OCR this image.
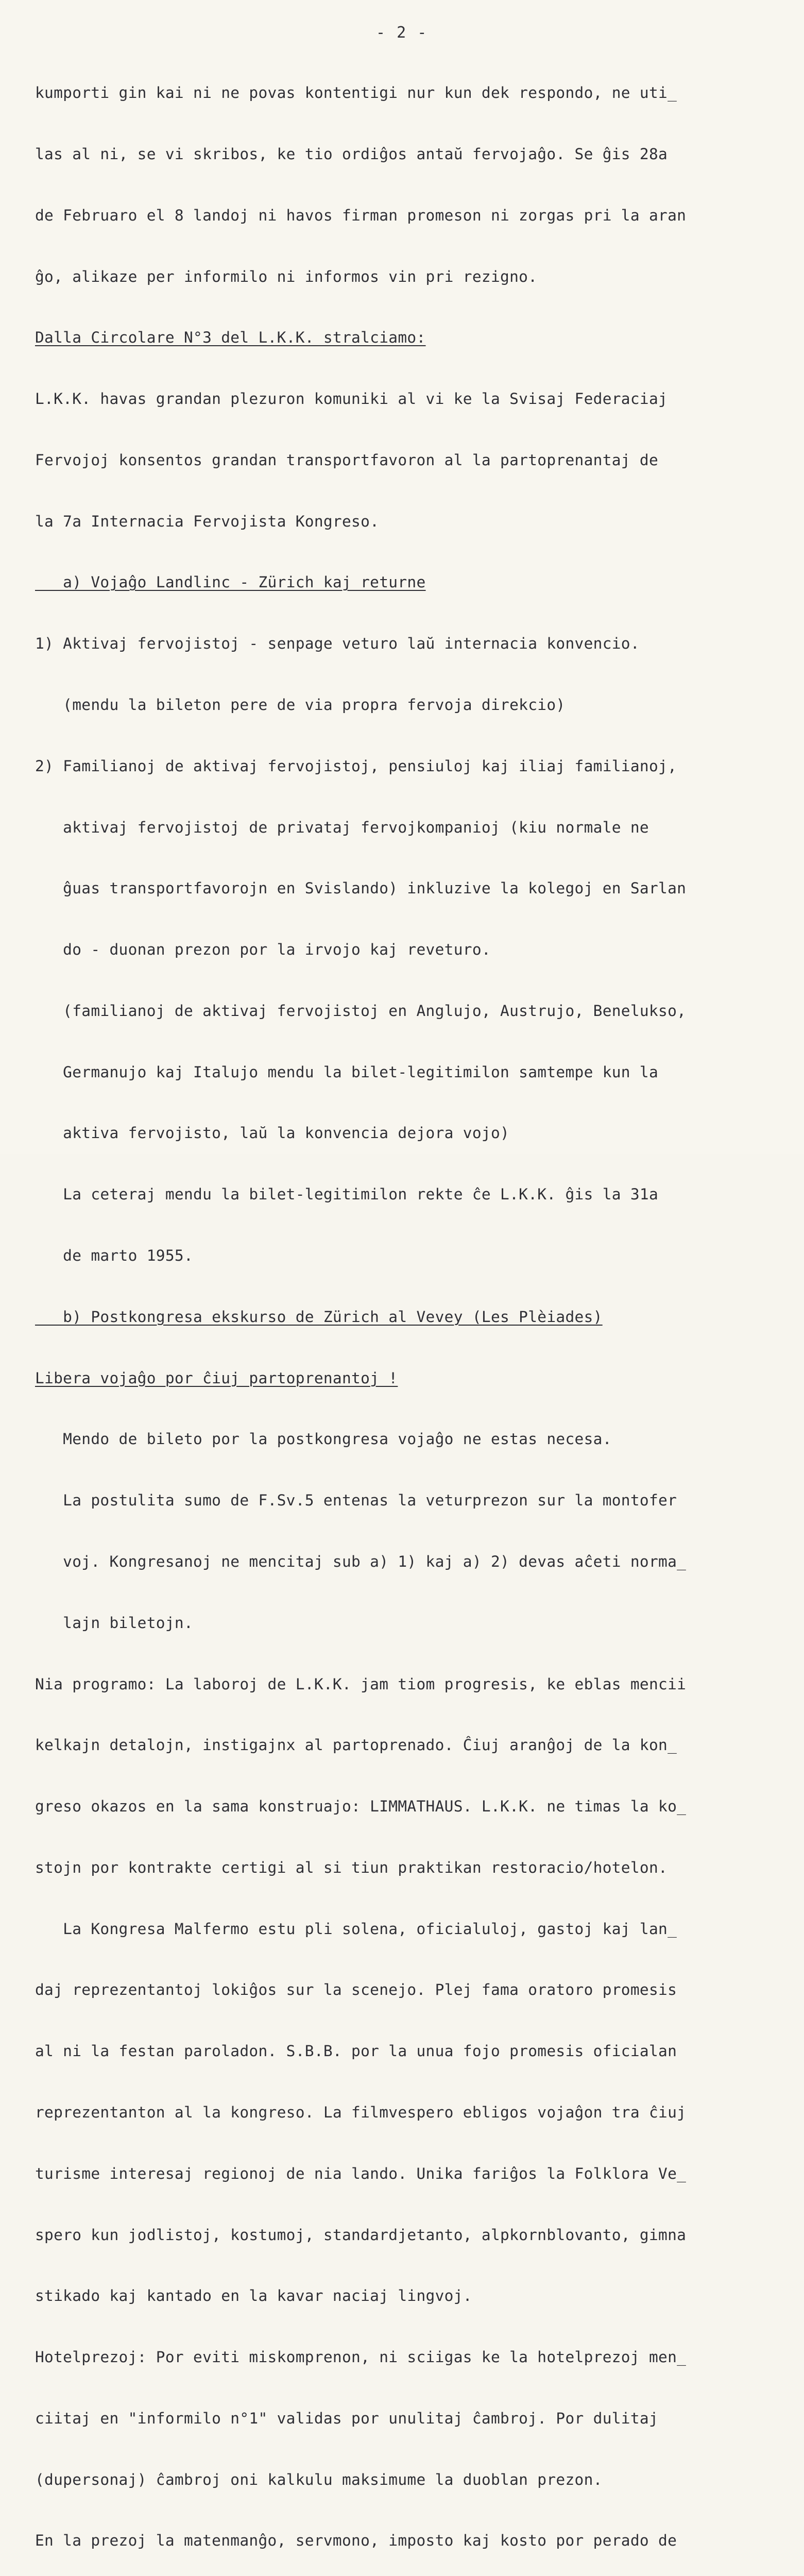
- 2 -

kumporti gin kai ni ne povas kontentigi nur kun dek respondo, ne uti_

las al ni, se vi skribos, ke tio ordiĝos antaŭ fervojaĝo. Se ĝis 28a

de Februaro el 8 landoj ni havos firman promeson ni zorgas pri la aran

ĝo, alikaze per informilo ni informos vin pri rezigno.

Dalla Circolare N°3 del L.K.K. stralciamo:

L.K.K. havas grandan plezuron komuniki al vi ke la Svisaj Federaciaj

Fervojoj konsentos grandan transportfavoron al la partoprenantaj de

la 7a Internacia Fervojista Kongreso.

a) Vojaĝo Landlinc - Zürich kaj returne

1) Aktivaj fervojistoj - senpage veturo laŭ internacia konvencio.

(mendu la bileton pere de via propra fervoja direkcio)

2) Familianoj de aktivaj fervojistoj, pensiuloj kaj iliaj familianoj,

aktivaj fervojistoj de privataj fervojkompanioj (kiu normale ne

ĝuas transportfavorojn en Svislando) inkluzive la kolegoj en Sarlan

do - duonan prezon por la irvojo kaj reveturo.

(familianoj de aktivaj fervojistoj en Anglujo, Austrujo, Benelukso,

Germanujo kaj Italujo mendu la bilet-legitimilon samtempe kun la

aktiva fervojisto, laŭ la konvencia dejora vojo)

La ceteraj mendu la bilet-legitimilon rekte ĉe L.K.K. ĝis la 31a

de marto 1955.

b) Postkongresa ekskurso de Zürich al Vevey (Les Plèiades)

Libera vojaĝo por ĉiuj partoprenantoj !

Mendo de bileto por la postkongresa vojaĝo ne estas necesa.

La postulita sumo de F.Sv.5 entenas la veturprezon sur la montofer

voj. Kongresanoj ne mencitaj sub a) 1) kaj a) 2) devas aĉeti norma_

lajn biletojn.

Nia programo: La laboroj de L.K.K. jam tiom progresis, ke eblas mencii

kelkajn detalojn, instigajnx al partoprenado. Ĉiuj aranĝoj de la kon_

greso okazos en la sama konstruajo: LIMMATHAUS. L.K.K. ne timas la ko_

stojn por kontrakte certigi al si tiun praktikan restoracio/hotelon.

La Kongresa Malfermo estu pli solena, oficialuloj, gastoj kaj lan_

daj reprezentantoj lokiĝos sur la scenejo. Plej fama oratoro promesis

al ni la festan paroladon. S.B.B. por la unua fojo promesis oficialan

reprezentanton al la kongreso. La filmvespero ebligos vojaĝon tra ĉiuj

turisme interesaj regionoj de nia lando. Unika fariĝos la Folklora Ve_

spero kun jodlistoj, kostumoj, standardjetanto, alpkornblovanto, gimna

stikado kaj kantado en la kavar naciaj lingvoj.

Hotelprezoj: Por eviti miskomprenon, ni sciigas ke la hotelprezoj men_

ciitaj en "informilo n°1" validas por unulitaj ĉambroj. Por dulitaj

(dupersonaj) ĉambroj oni kalkulu maksimume la duoblan prezon.

En la prezoj la matenmanĝo, servmono, imposto kaj kosto por perado de
